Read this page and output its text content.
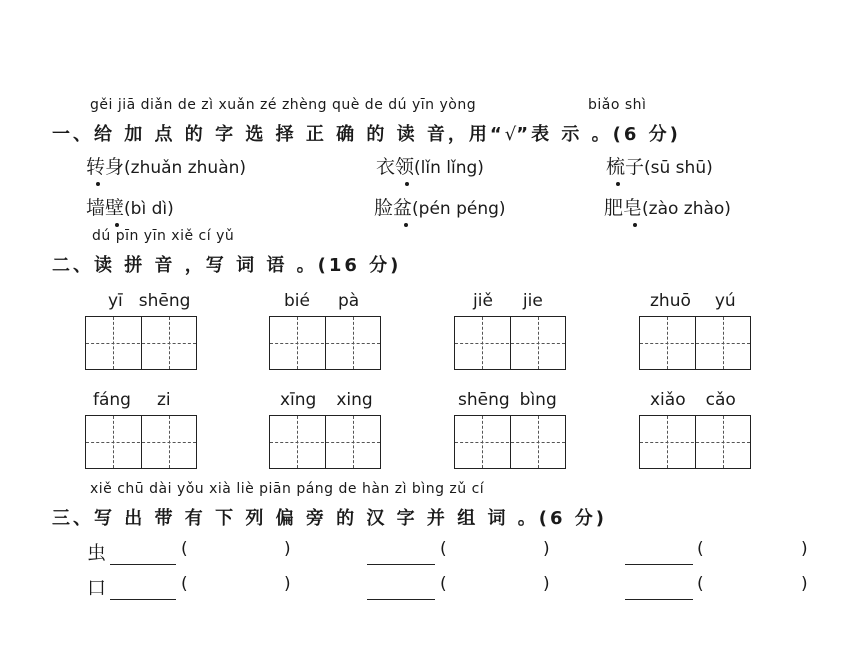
gěi jiā diǎn de zì xuǎn zé zhèng què de dú yīn yòng	biǎo shì
一、给 加 点 的 字 选 择 正 确 的 读 音，用“√”表 示 。(6 分)
转身(zhuǎn zhuàn)	衣领(lǐn lǐng)	梳子(sū shū)
墙壁(bì dì)	脸盆(pén péng)	肥皂(zào zhào)
dú pīn yīn xiě cí yǔ
二、读 拼 音 ，写 词 语 。(16 分)
yī shēng	bié pà	jiě jie	zhuō yú
fáng zi	xīng xing	shēng bìng	xiǎo cǎo
xiě chū dài yǒu xià liè piān páng de hàn zì bìng zǔ cí
三、写 出 带 有 下 列 偏 旁 的 汉 字 并 组 词 。(6 分)
虫	(	)	(	)	(	)
口	(	)	(	)	(	)
